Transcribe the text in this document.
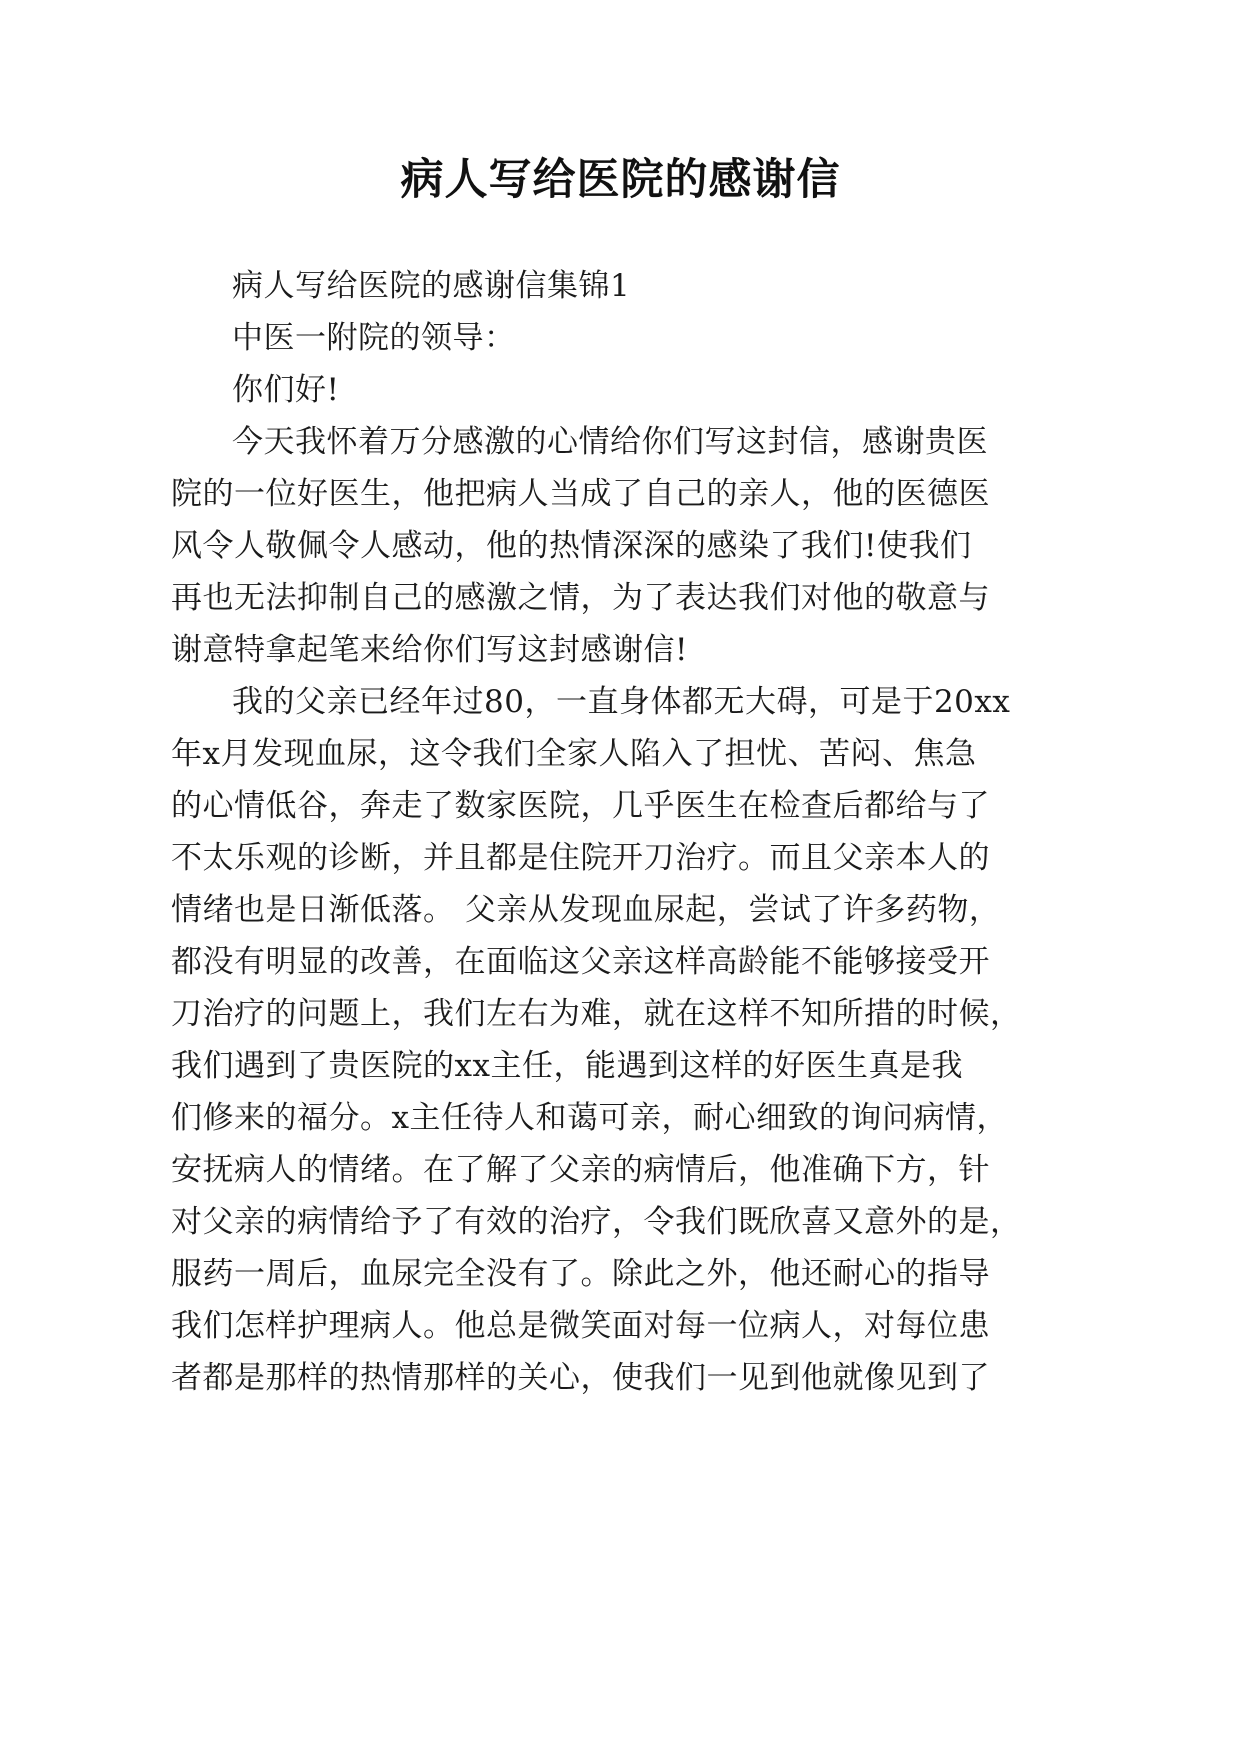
病人写给医院的感谢信
病人写给医院的感谢信集锦1
中医一附院的领导：
你们好!
今天我怀着万分感激的心情给你们写这封信，感谢贵医
院的一位好医生，他把病人当成了自己的亲人，他的医德医
风令人敬佩令人感动，他的热情深深的感染了我们!使我们
再也无法抑制自己的感激之情，为了表达我们对他的敬意与
谢意特拿起笔来给你们写这封感谢信!
我的父亲已经年过80，一直身体都无大碍，可是于20xx
年x月发现血尿，这令我们全家人陷入了担忧、苦闷、焦急
的心情低谷，奔走了数家医院，几乎医生在检查后都给与了
不太乐观的诊断，并且都是住院开刀治疗。而且父亲本人的
情绪也是日渐低落。 父亲从发现血尿起，尝试了许多药物，
都没有明显的改善，在面临这父亲这样高龄能不能够接受开
刀治疗的问题上，我们左右为难，就在这样不知所措的时候，
我们遇到了贵医院的xx主任，能遇到这样的好医生真是我
们修来的福分。x主任待人和蔼可亲，耐心细致的询问病情，
安抚病人的情绪。在了解了父亲的病情后，他准确下方，针
对父亲的病情给予了有效的治疗，令我们既欣喜又意外的是，
服药一周后，血尿完全没有了。除此之外，他还耐心的指导
我们怎样护理病人。他总是微笑面对每一位病人，对每位患
者都是那样的热情那样的关心，使我们一见到他就像见到了
